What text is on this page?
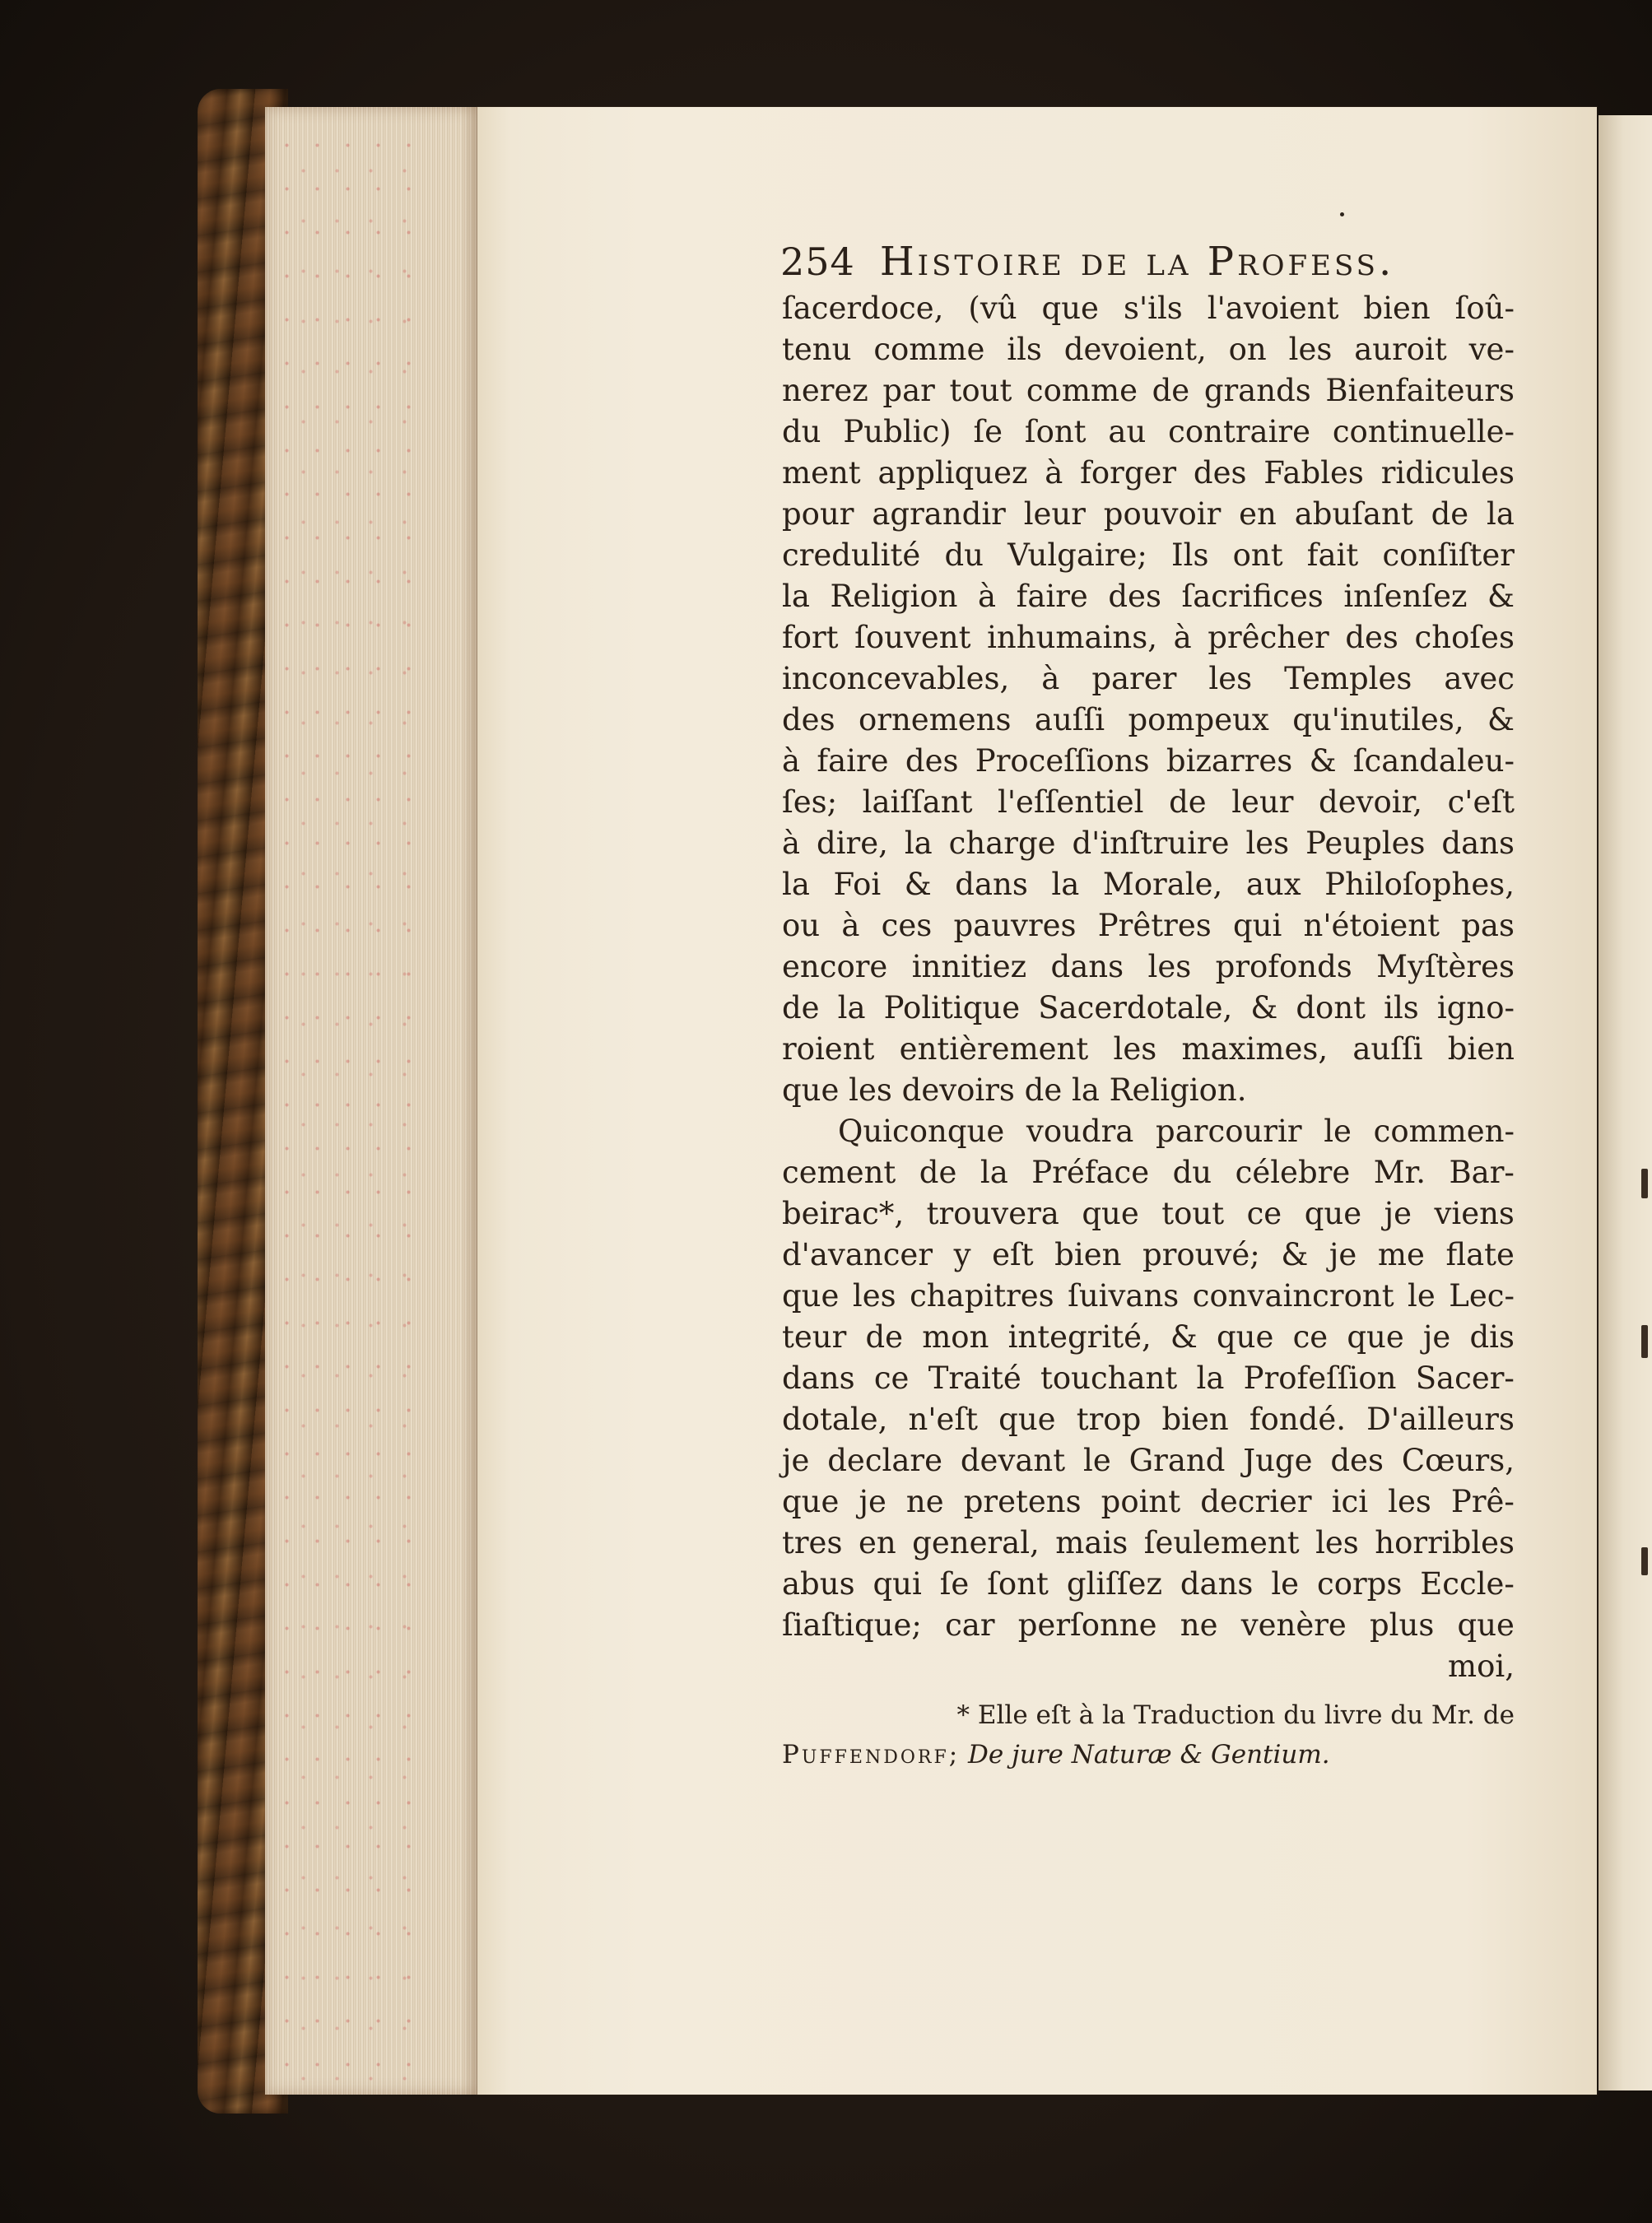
254 Histoire de la Profess.
ſacerdoce, (vû que s'ils l'avoient bien ſoû-
tenu comme ils devoient, on les auroit ve-
nerez par tout comme de grands Bienfaiteurs
du Public) ſe ſont au contraire continuelle-
ment appliquez à forger des Fables ridicules
pour agrandir leur pouvoir en abuſant de la
credulité du Vulgaire; Ils ont fait conſiſter
la Religion à faire des ſacrifices inſenſez &
fort ſouvent inhumains, à prêcher des choſes
inconcevables, à parer les Temples avec
des ornemens auſſi pompeux qu'inutiles, &
à faire des Proceſſions bizarres & ſcandaleu-
ſes; laiſſant l'eſſentiel de leur devoir, c'eſt
à dire, la charge d'inſtruire les Peuples dans
la Foi & dans la Morale, aux Philoſophes,
ou à ces pauvres Prêtres qui n'étoient pas
encore innitiez dans les profonds Myſtères
de la Politique Sacerdotale, & dont ils igno-
roient entièrement les maximes, auſſi bien
que les devoirs de la Religion.
Quiconque voudra parcourir le commen-
cement de la Préface du célebre Mr. Bar-
beirac*, trouvera que tout ce que je viens
d'avancer y eſt bien prouvé; & je me flate
que les chapitres ſuivans convaincront le Lec-
teur de mon integrité, & que ce que je dis
dans ce Traité touchant la Profeſſion Sacer-
dotale, n'eſt que trop bien fondé. D'ailleurs
je declare devant le Grand Juge des Cœurs,
que je ne pretens point decrier ici les Prê-
tres en general, mais ſeulement les horribles
abus qui ſe ſont gliſſez dans le corps Eccle-
ſiaſtique; car perſonne ne venère plus que
moi,
* Elle eſt à la Traduction du livre du Mr. de
Puffendorf; De jure Naturæ & Gentium.
